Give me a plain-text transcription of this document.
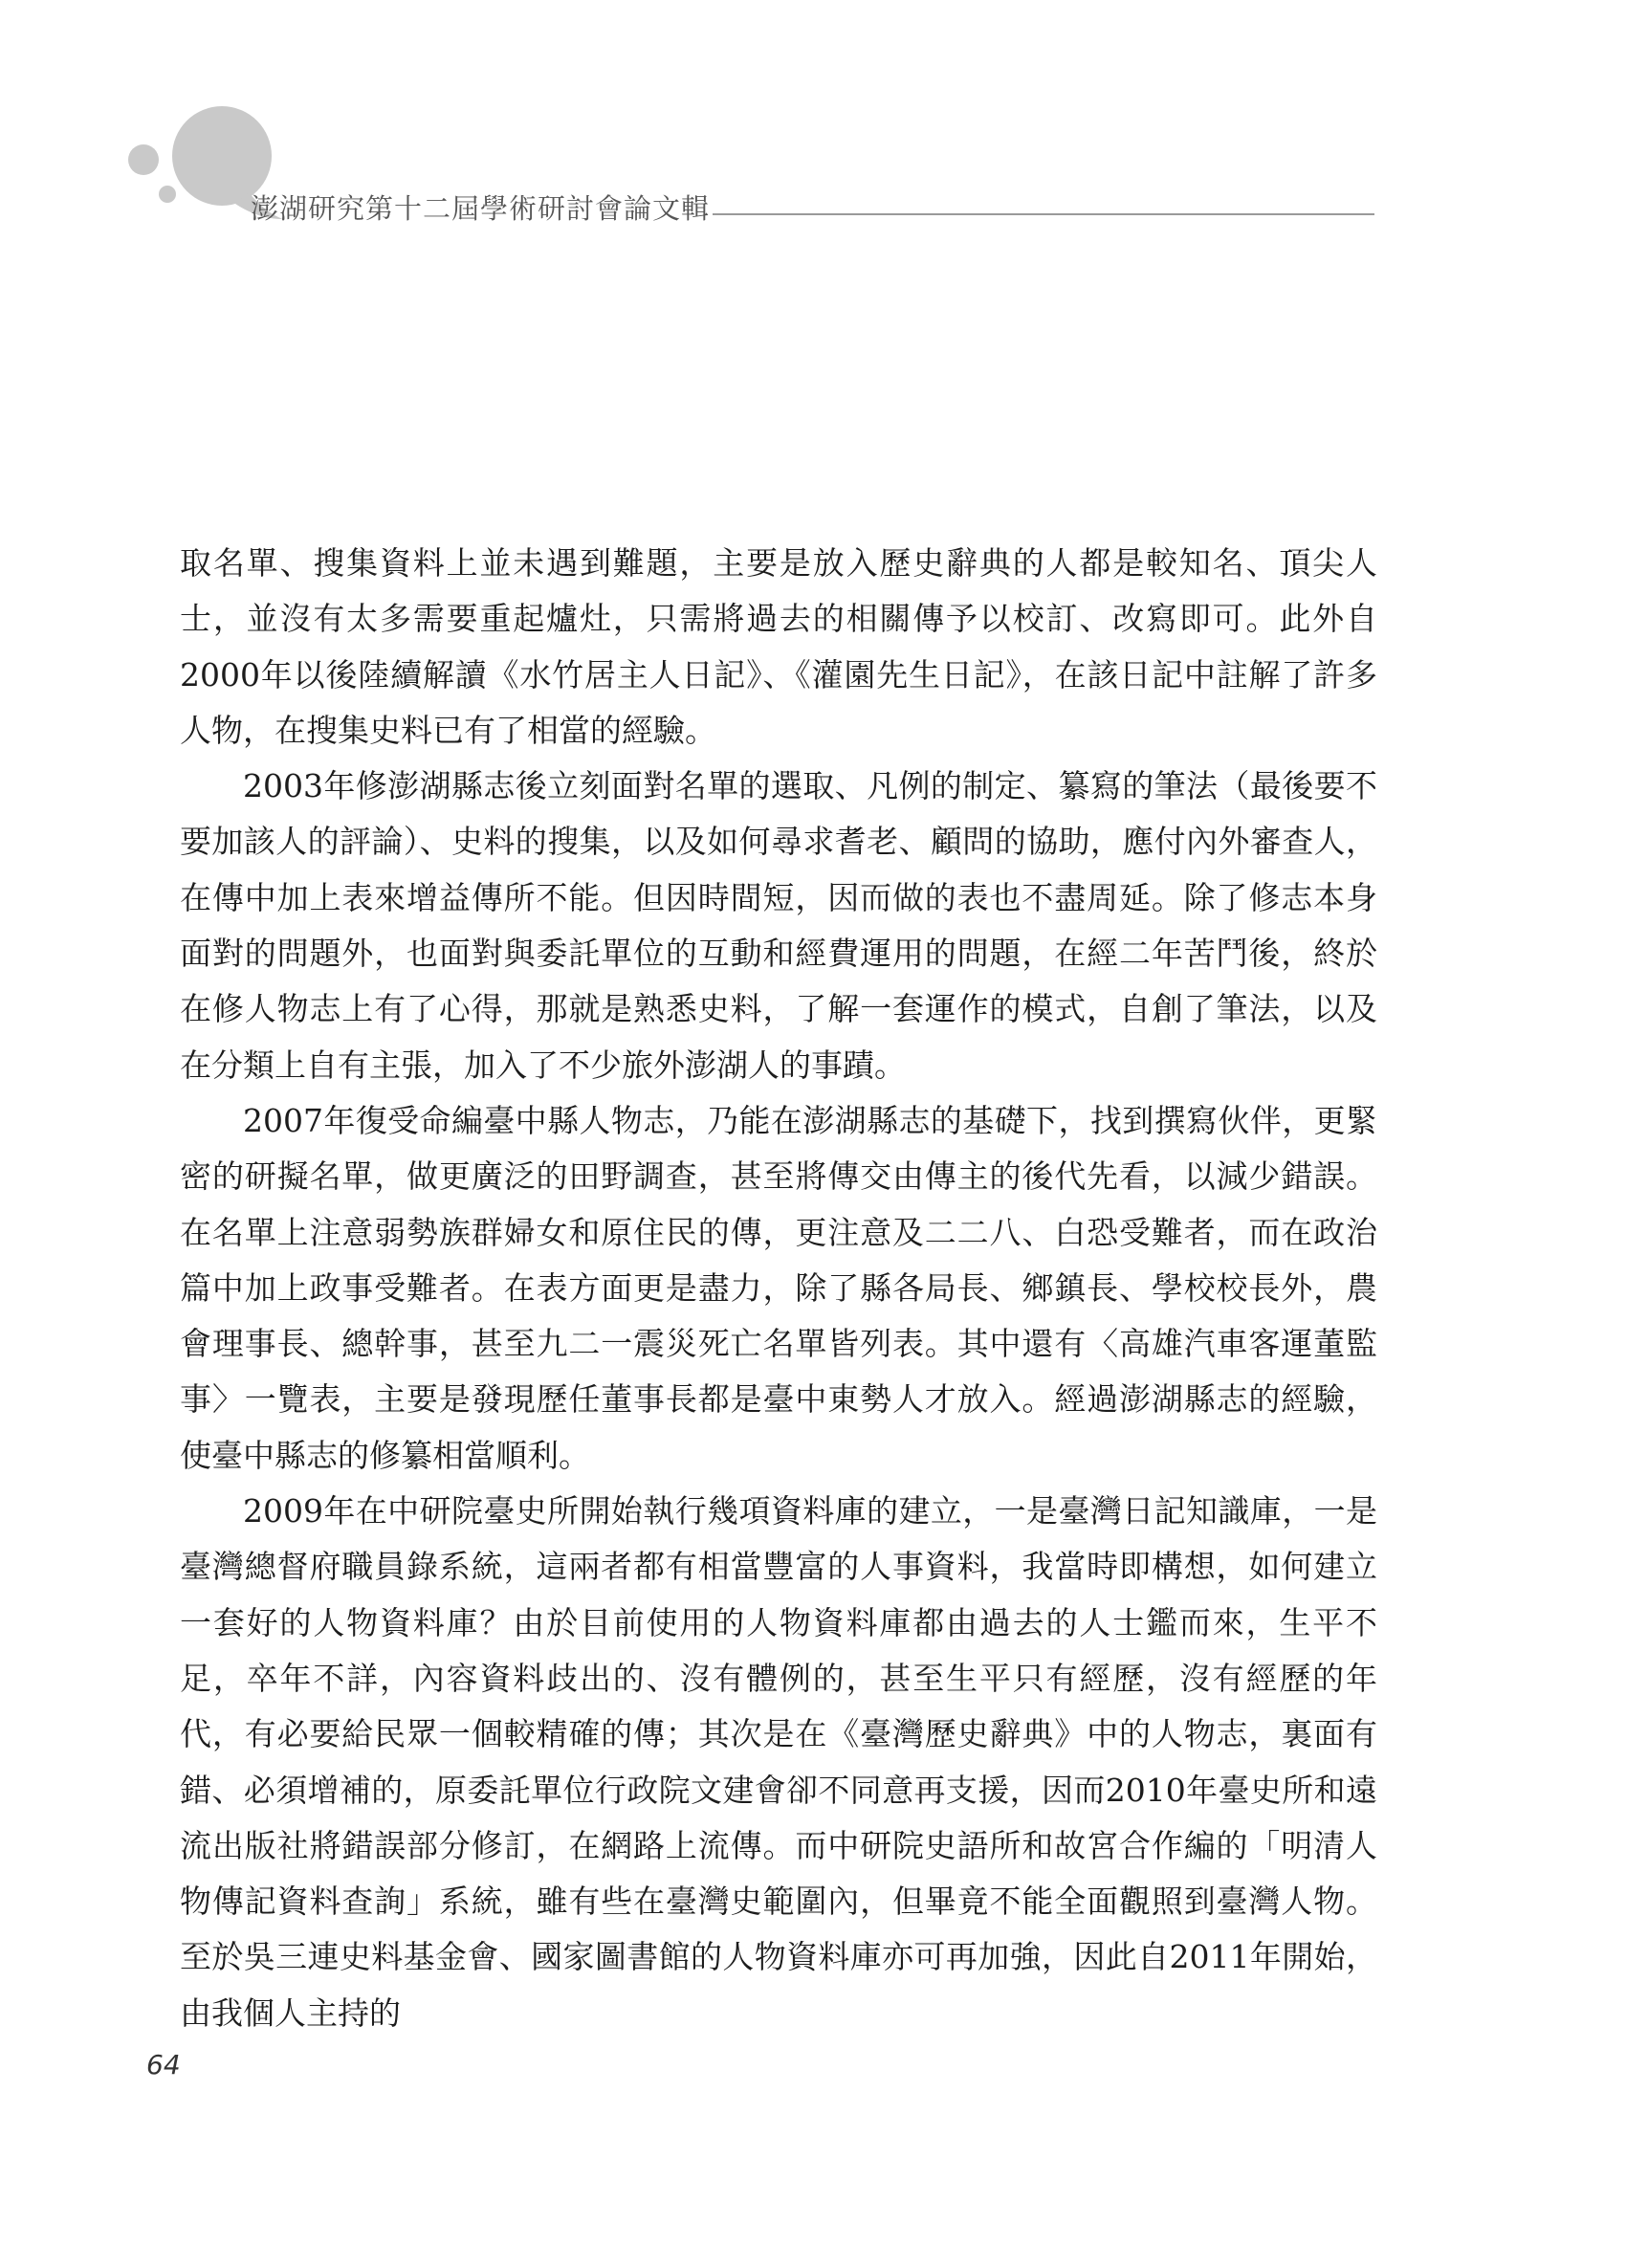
澎湖研究第十二屆學術研討會論文輯

取名單、搜集資料上並未遇到難題，主要是放入歷史辭典的人都是較知名、頂尖人士，並沒有太多需要重起爐灶，只需將過去的相關傳予以校訂、改寫即可。此外自2000年以後陸續解讀《水竹居主人日記》、《灌園先生日記》，在該日記中註解了許多人物，在搜集史料已有了相當的經驗。

2003年修澎湖縣志後立刻面對名單的選取、凡例的制定、纂寫的筆法（最後要不要加該人的評論）、史料的搜集，以及如何尋求耆老、顧問的協助，應付內外審查人，在傳中加上表來增益傳所不能。但因時間短，因而做的表也不盡周延。除了修志本身面對的問題外，也面對與委託單位的互動和經費運用的問題，在經二年苦鬥後，終於在修人物志上有了心得，那就是熟悉史料，了解一套運作的模式，自創了筆法，以及在分類上自有主張，加入了不少旅外澎湖人的事蹟。

2007年復受命編臺中縣人物志，乃能在澎湖縣志的基礎下，找到撰寫伙伴，更緊密的研擬名單，做更廣泛的田野調查，甚至將傳交由傳主的後代先看，以減少錯誤。在名單上注意弱勢族群婦女和原住民的傳，更注意及二二八、白恐受難者，而在政治篇中加上政事受難者。在表方面更是盡力，除了縣各局長、鄉鎮長、學校校長外，農會理事長、總幹事，甚至九二一震災死亡名單皆列表。其中還有〈高雄汽車客運董監事〉一覽表，主要是發現歷任董事長都是臺中東勢人才放入。經過澎湖縣志的經驗，使臺中縣志的修纂相當順利。

2009年在中研院臺史所開始執行幾項資料庫的建立，一是臺灣日記知識庫，一是臺灣總督府職員錄系統，這兩者都有相當豐富的人事資料，我當時即構想，如何建立一套好的人物資料庫？由於目前使用的人物資料庫都由過去的人士鑑而來，生平不足，卒年不詳，內容資料歧出的、沒有體例的，甚至生平只有經歷，沒有經歷的年代，有必要給民眾一個較精確的傳；其次是在《臺灣歷史辭典》中的人物志，裏面有錯、必須增補的，原委託單位行政院文建會卻不同意再支援，因而2010年臺史所和遠流出版社將錯誤部分修訂，在網路上流傳。而中研院史語所和故宮合作編的「明清人物傳記資料查詢」系統，雖有些在臺灣史範圍內，但畢竟不能全面觀照到臺灣人物。至於吳三連史料基金會、國家圖書館的人物資料庫亦可再加強，因此自2011年開始，由我個人主持的

64
